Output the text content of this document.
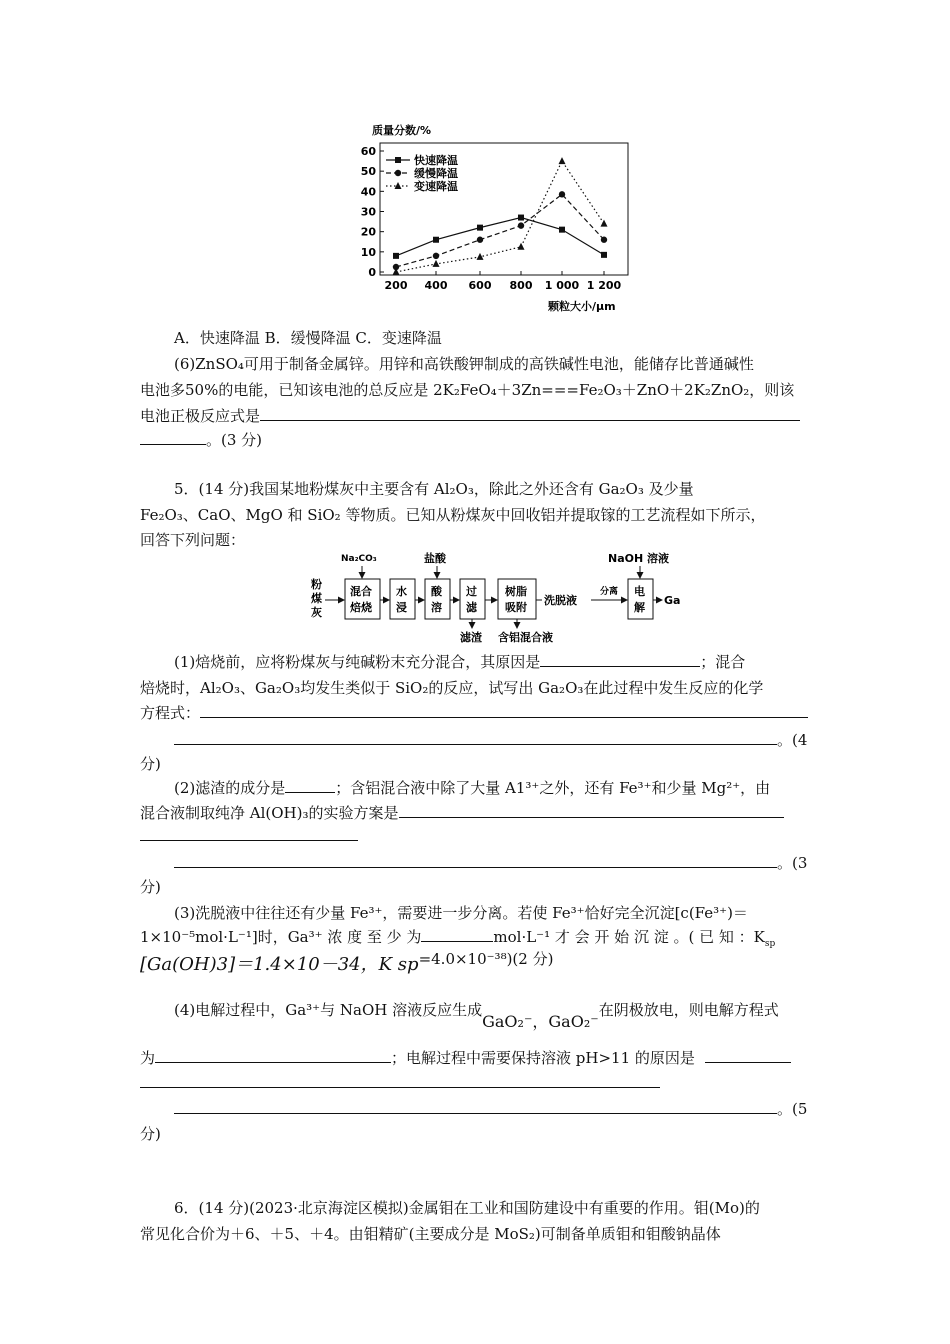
质量分数/%
0
10
20
30
40
50
60
200 400 600 800 1 000 1 200
快速降温
缓慢降温
变速降温
颗粒大小/μm
A．快速降温 B．缓慢降温 C．变速降温
(6)ZnSO₄可用于制备金属锌。用锌和高铁酸钾制成的高铁碱性电池，能储存比普通碱性
电池多50%的电能，已知该电池的总反应是 2K₂FeO₄＋3Zn===Fe₂O₃＋ZnO＋2K₂ZnO₂，则该
电池正极反应式是
。(3 分)
5．(14 分)我国某地粉煤灰中主要含有 Al₂O₃，除此之外还含有 Ga₂O₃ 及少量
Fe₂O₃、CaO、MgO 和 SiO₂ 等物质。已知从粉煤灰中回收铝并提取镓的工艺流程如下所示，
回答下列问题：
粉
煤
灰
Na₂CO₃
混合
焙烧
水
浸
盐酸
酸
溶
过
滤
滤渣
树脂
吸附
含铝混合液
洗脱液
分离
NaOH 溶液
电
解
Ga
(1)焙烧前，应将粉煤灰与纯碱粉末充分混合，其原因是	；混合
焙烧时，Al₂O₃、Ga₂O₃均发生类似于 SiO₂的反应，试写出 Ga₂O₃在此过程中发生反应的化学
方程式：
。(4
分)
(2)滤渣的成分是	；含铝混合液中除了大量 A1³⁺之外，还有 Fe³⁺和少量 Mg²⁺，由
混合液制取纯净 Al(OH)₃的实验方案是
。(3
分)
(3)洗脱液中往往还有少量 Fe³⁺，需要进一步分离。若使 Fe³⁺恰好完全沉淀[c(Fe³⁺)＝
1×10⁻⁵mol·L⁻¹]时，Ga³⁺ 浓 度 至 少 为	mol·L⁻¹ 才 会 开 始 沉 淀 。( 已 知 ：$K_{sp}$
[Ga(OH)3]＝1.4×10－34，K sp=4.0×10⁻³⁸)(2 分)
(4)电解过程中，Ga³⁺与 NaOH 溶液反应生成GaO₂⁻，GaO₂⁻在阴极放电，则电解方程式
为	；电解过程中需要保持溶液 pH>11 的原因是
。(5
分)
6．(14 分)(2023·北京海淀区模拟)金属钼在工业和国防建设中有重要的作用。钼(Mo)的
常见化合价为＋6、＋5、＋4。由钼精矿(主要成分是 MoS₂)可制备单质钼和钼酸钠晶体
